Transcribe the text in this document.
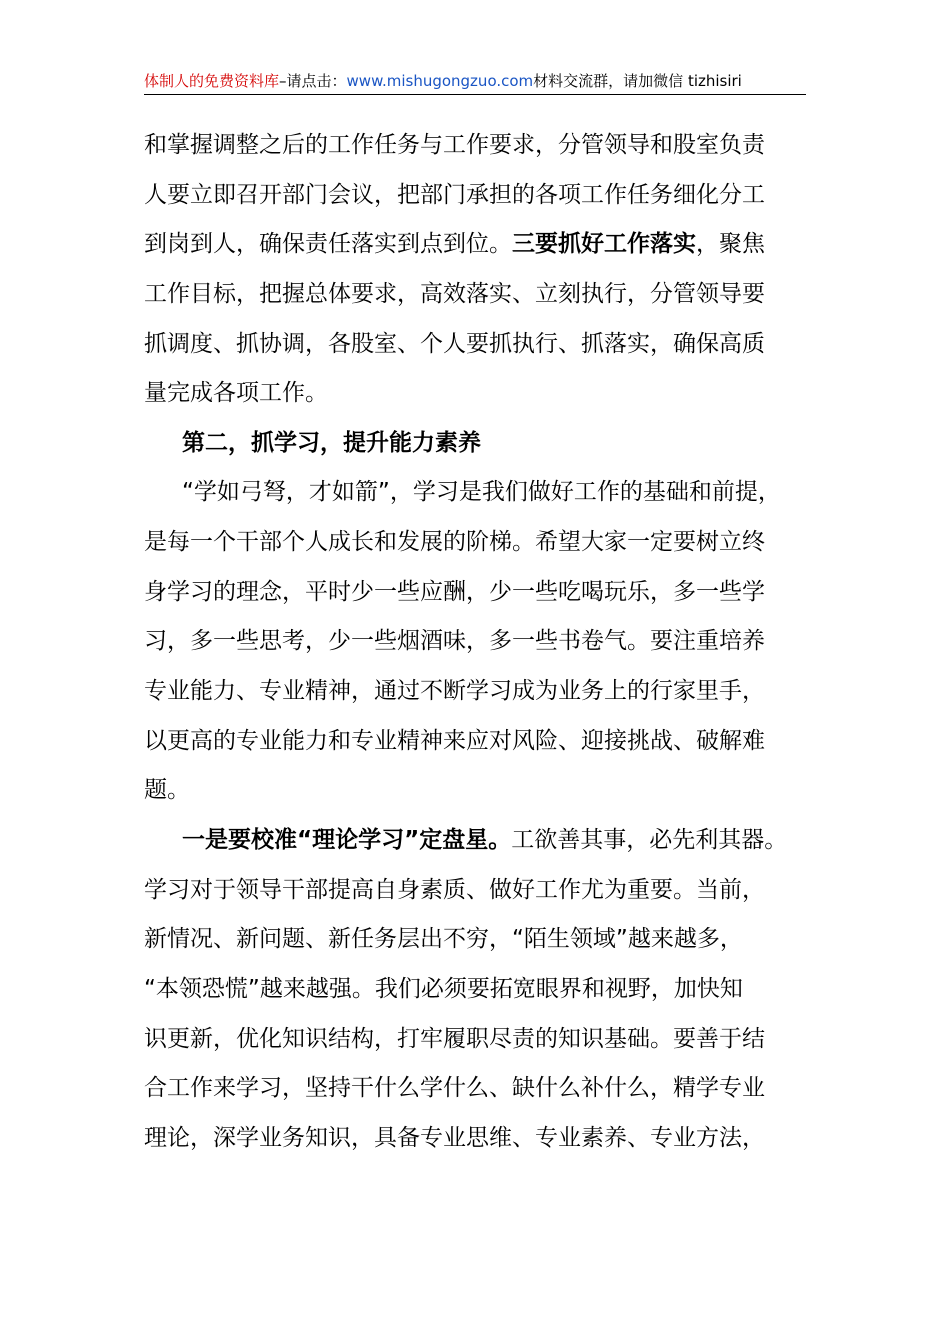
体制人的免费资料库–请点击：www.mishugongzuo.com材料交流群，请加微信 tizhisiri
和掌握调整之后的工作任务与工作要求，分管领导和股室负责
人要立即召开部门会议，把部门承担的各项工作任务细化分工
到岗到人，确保责任落实到点到位。三要抓好工作落实，聚焦
工作目标，把握总体要求，高效落实、立刻执行，分管领导要
抓调度、抓协调，各股室、个人要抓执行、抓落实，确保高质
量完成各项工作。
第二，抓学习，提升能力素养
“学如弓弩，才如箭”，学习是我们做好工作的基础和前提，
是每一个干部个人成长和发展的阶梯。希望大家一定要树立终
身学习的理念，平时少一些应酬，少一些吃喝玩乐，多一些学
习，多一些思考，少一些烟酒味，多一些书卷气。要注重培养
专业能力、专业精神，通过不断学习成为业务上的行家里手，
以更高的专业能力和专业精神来应对风险、迎接挑战、破解难
题。
一是要校准“理论学习”定盘星。工欲善其事，必先利其器。
学习对于领导干部提高自身素质、做好工作尤为重要。当前，
新情况、新问题、新任务层出不穷，“陌生领域”越来越多，
“本领恐慌”越来越强。我们必须要拓宽眼界和视野，加快知
识更新，优化知识结构，打牢履职尽责的知识基础。要善于结
合工作来学习，坚持干什么学什么、缺什么补什么，精学专业
理论，深学业务知识，具备专业思维、专业素养、专业方法，
